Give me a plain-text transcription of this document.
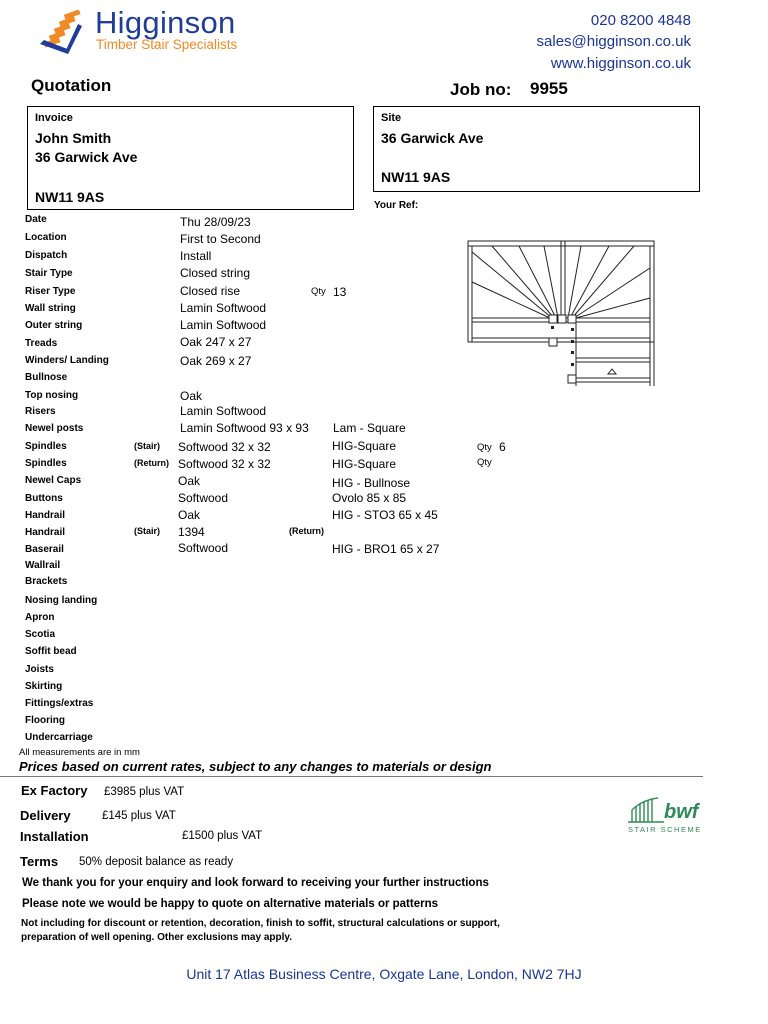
Higginson
Timber Stair Specialists
020 8200 4848
sales@higginson.co.uk
www.higginson.co.uk
Quotation	Job no: 9955
Invoice
John Smith
36 Garwick Ave
NW11 9AS
Site
36 Garwick Ave
NW11 9AS
Your Ref:
Date	Thu 28/09/23
Location	First to Second
Dispatch	Install
Stair Type	Closed string
Riser Type	Closed rise	Qty 13
Wall string	Lamin Softwood
Outer string	Lamin Softwood
Treads	Oak 247 x 27
Winders/ Landing	Oak 269 x 27
Bullnose
Top nosing	Oak
Risers	Lamin Softwood
Newel posts	Lamin Softwood 93 x 93 Lam - Square
Spindles	(Stair) Softwood 32 x 32	HIG-Square	Qty 6
Spindles	(Return) Softwood 32 x 32	HIG-Square	Qty
Newel Caps	Oak	HIG - Bullnose
Buttons	Softwood	Ovolo 85 x 85
Handrail	Oak	HIG - STO3 65 x 45
Handrail	(Stair) 1394	(Return)
Baserail	Softwood	HIG - BRO1 65 x 27
Wallrail
Brackets
Nosing landing
Apron
Scotia
Soffit bead
Joists
Skirting
Fittings/extras
Flooring
Undercarriage
All measurements are in mm
Prices based on current rates, subject to any changes to materials or design
Ex Factory £3985 plus VAT
Delivery	£145 plus VAT
Installation	£1500 plus VAT
Terms 50% deposit balance as ready
bwf
STAIR SCHEME
We thank you for your enquiry and look forward to receiving your further instructions
Please note we would be happy to quote on alternative materials or patterns
Not including for discount or retention, decoration, finish to soffit, structural calculations or support,
preparation of well opening. Other exclusions may apply.
Unit 17 Atlas Business Centre, Oxgate Lane, London, NW2 7HJ
